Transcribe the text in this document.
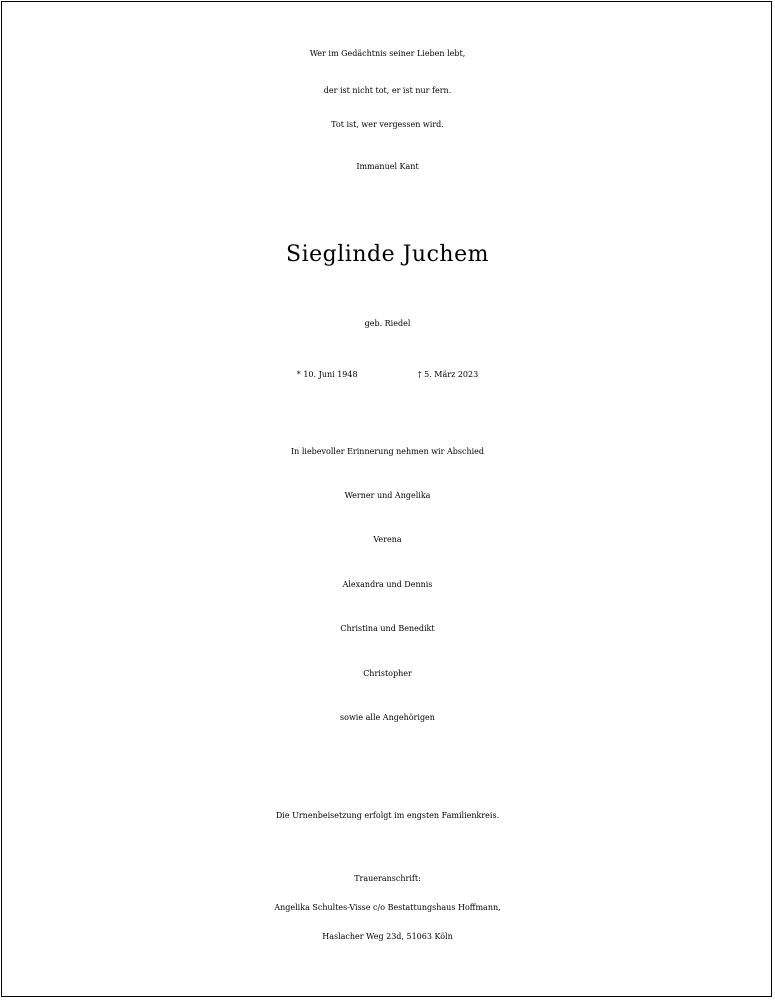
Wer im Gedächtnis seiner Lieben lebt,
der ist nicht tot, er ist nur fern.
Tot ist, wer vergessen wird.
Immanuel Kant
Sieglinde Juchem
geb. Riedel
* 10. Juni 1948	† 5. März 2023
In liebevoller Erinnerung nehmen wir Abschied
Werner und Angelika
Verena
Alexandra und Dennis
Christina und Benedikt
Christopher
sowie alle Angehörigen
Die Urnenbeisetzung erfolgt im engsten Familienkreis.
Traueranschrift:
Angelika Schultes-Visse c/o Bestattungshaus Hoffmann,
Haslacher Weg 23d, 51063 Köln
